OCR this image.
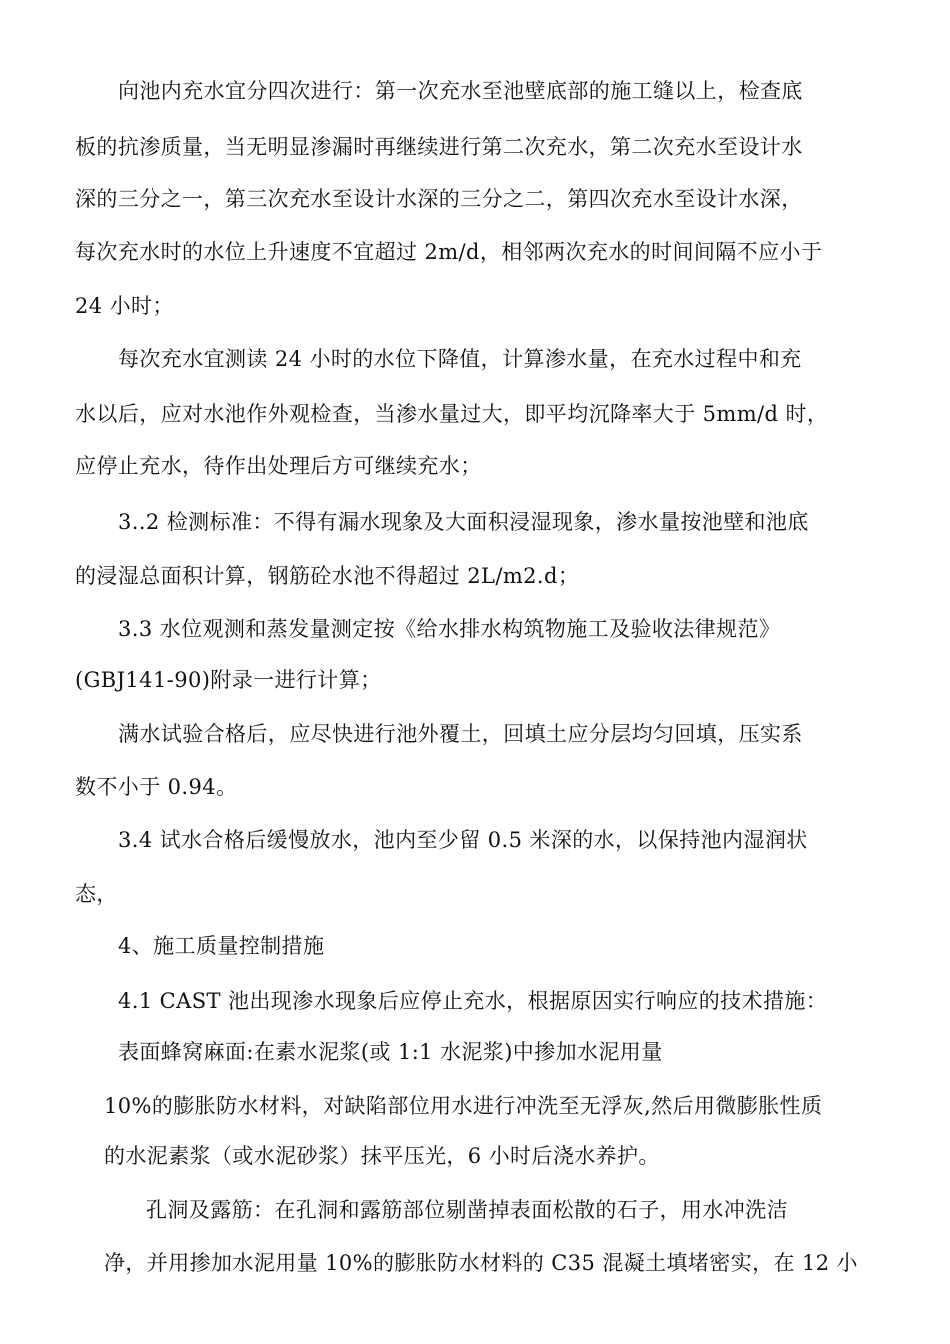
向池内充水宜分四次进行：第一次充水至池壁底部的施工缝以上，检查底
板的抗渗质量，当无明显渗漏时再继续进行第二次充水，第二次充水至设计水
深的三分之一，第三次充水至设计水深的三分之二，第四次充水至设计水深，
每次充水时的水位上升速度不宜超过 2m/d，相邻两次充水的时间间隔不应小于
24 小时；
每次充水宜测读 24 小时的水位下降值，计算渗水量，在充水过程中和充
水以后，应对水池作外观检查，当渗水量过大，即平均沉降率大于 5mm/d 时，
应停止充水，待作出处理后方可继续充水；
3..2 检测标准：不得有漏水现象及大面积浸湿现象，渗水量按池壁和池底
的浸湿总面积计算，钢筋砼水池不得超过 2L/m2.d；
3.3 水位观测和蒸发量测定按《给水排水构筑物施工及验收法律规范》
(GBJ141-90)附录一进行计算；
满水试验合格后，应尽快进行池外覆土，回填土应分层均匀回填，压实系
数不小于 0.94。
3.4 试水合格后缓慢放水，池内至少留 0.5 米深的水，以保持池内湿润状
态，
4、施工质量控制措施
4.1 CAST 池出现渗水现象后应停止充水，根据原因实行响应的技术措施：
表面蜂窝麻面:在素水泥浆(或 1:1 水泥浆)中掺加水泥用量
10%的膨胀防水材料，对缺陷部位用水进行冲洗至无浮灰,然后用微膨胀性质
的水泥素浆（或水泥砂浆）抹平压光，6 小时后浇水养护。
孔洞及露筋：在孔洞和露筋部位剔凿掉表面松散的石子，用水冲洗洁
净，并用掺加水泥用量 10%的膨胀防水材料的 C35 混凝土填堵密实，在 12 小
